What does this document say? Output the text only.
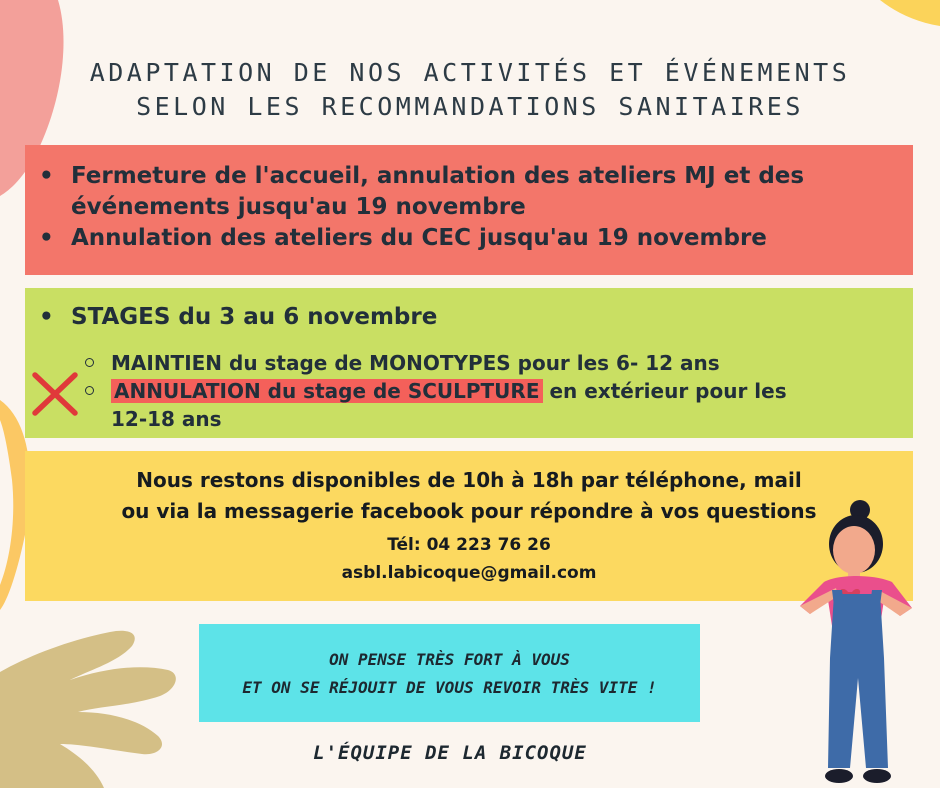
ADAPTATION DE NOS ACTIVITÉS ET ÉVÉNEMENTS
SELON LES RECOMMANDATIONS SANITAIRES
• Fermeture de l'accueil, annulation des ateliers MJ et des
événements jusqu'au 19 novembre
• Annulation des ateliers du CEC jusqu'au 19 novembre
• STAGES du 3 au 6 novembre
MAINTIEN du stage de MONOTYPES pour les 6- 12 ans
ANNULATION du stage de SCULPTURE en extérieur pour les
12-18 ans
Nous restons disponibles de 10h à 18h par téléphone, mail
ou via la messagerie facebook pour répondre à vos questions
Tél: 04 223 76 26
asbl.labicoque@gmail.com
ON PENSE TRÈS FORT À VOUS
ET ON SE RÉJOUIT DE VOUS REVOIR TRÈS VITE !
L'ÉQUIPE DE LA BICOQUE
